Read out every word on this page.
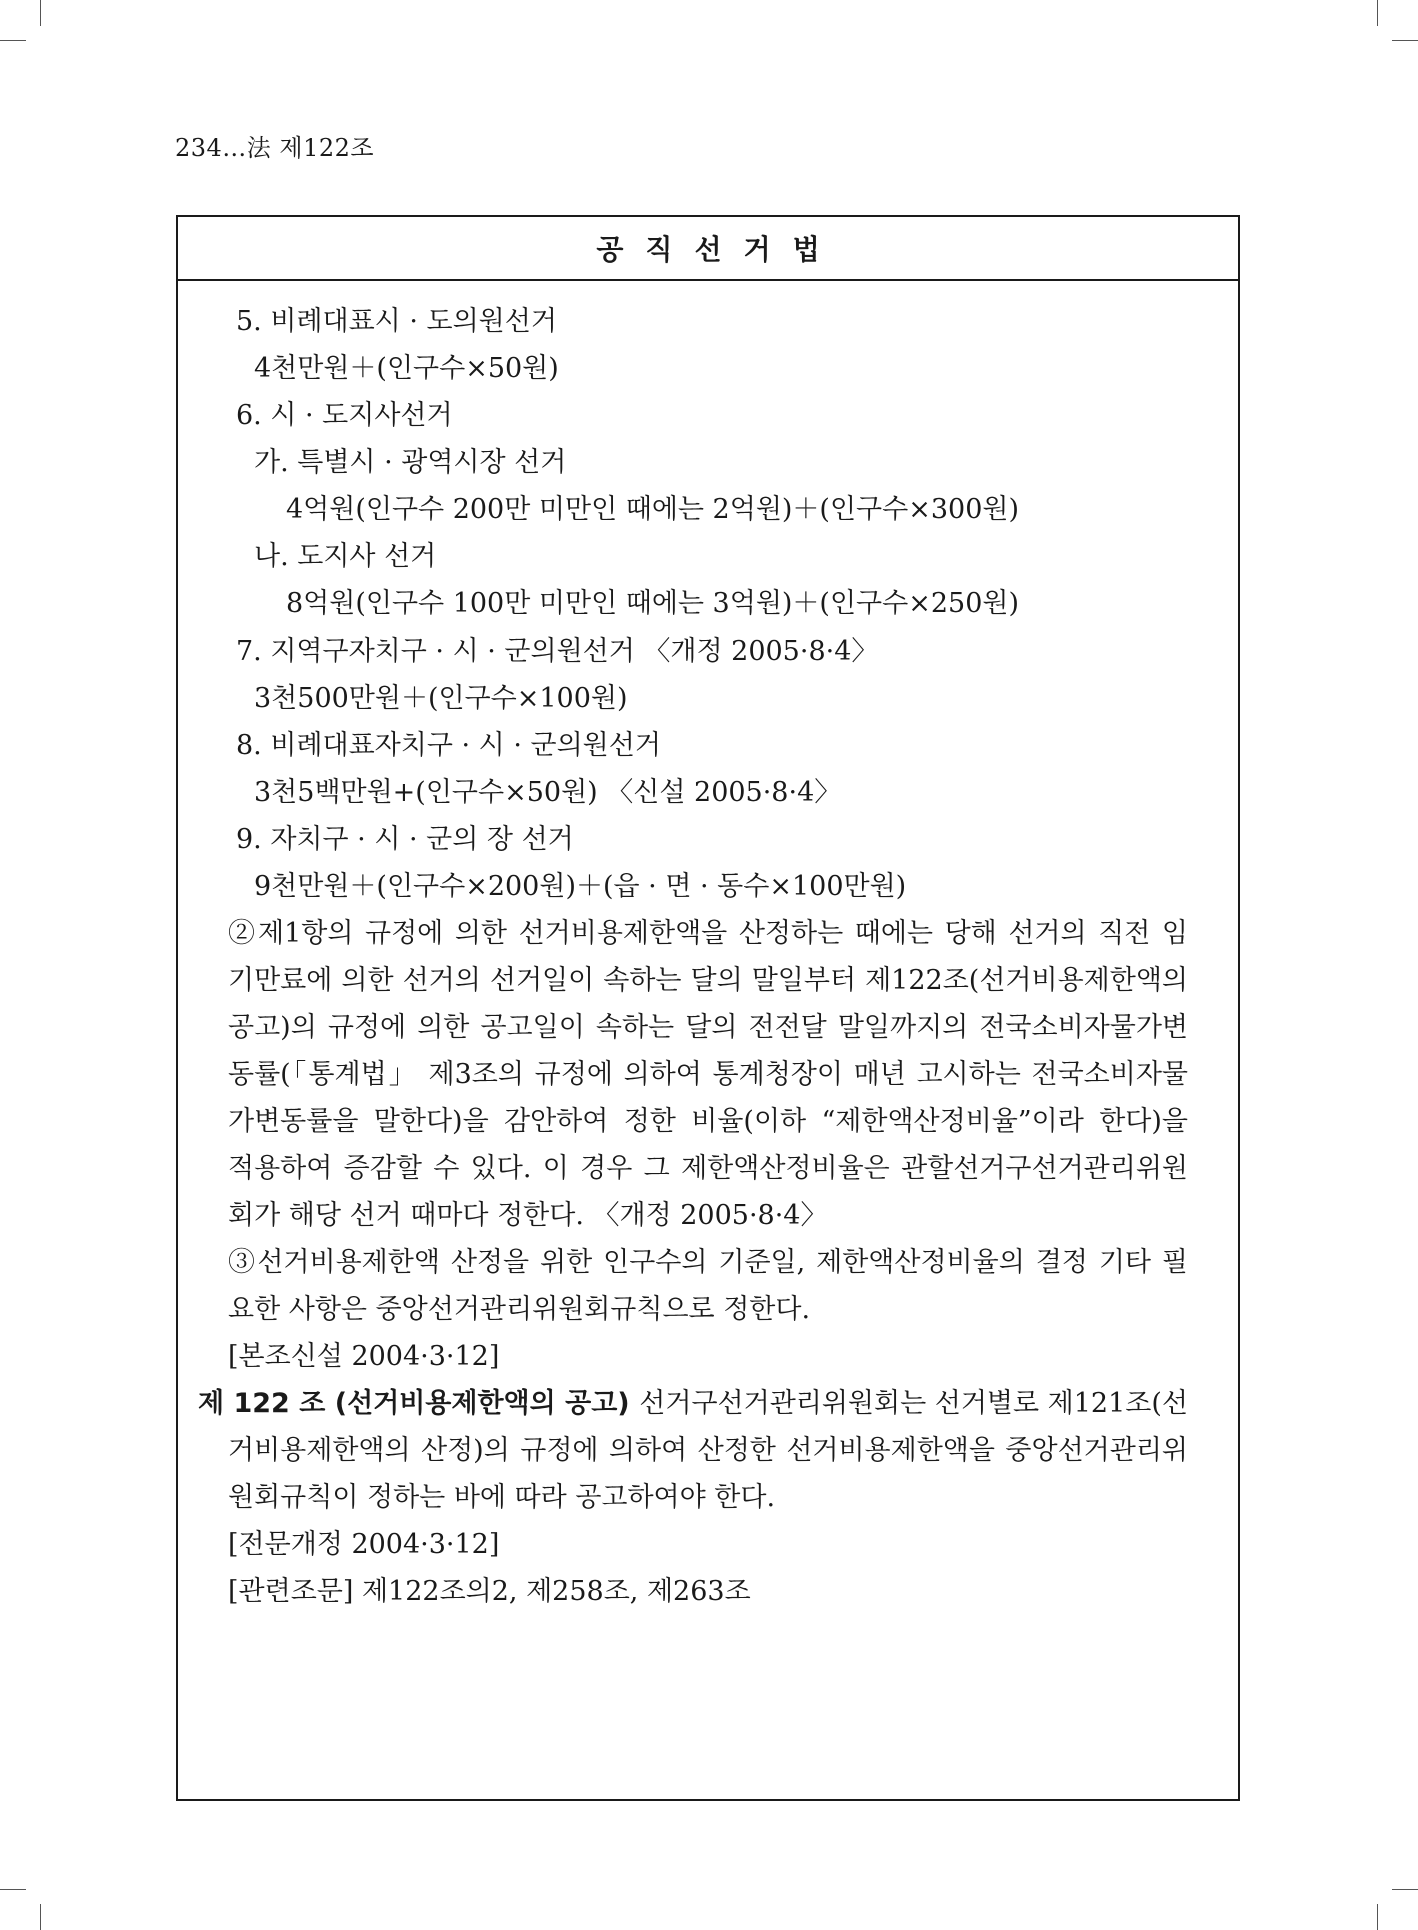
234…法 제122조
공직선거법
5. 비례대표시 · 도의원선거
4천만원＋(인구수×50원)
6. 시 · 도지사선거
가. 특별시 · 광역시장 선거
4억원(인구수 200만 미만인 때에는 2억원)＋(인구수×300원)
나. 도지사 선거
8억원(인구수 100만 미만인 때에는 3억원)＋(인구수×250원)
7. 지역구자치구 · 시 · 군의원선거 〈개정 2005·8·4〉
3천500만원＋(인구수×100원)
8. 비례대표자치구 · 시 · 군의원선거
3천5백만원+(인구수×50원) 〈신설 2005·8·4〉
9. 자치구 · 시 · 군의 장 선거
9천만원＋(인구수×200원)＋(읍 · 면 · 동수×100만원)
②제1항의 규정에 의한 선거비용제한액을 산정하는 때에는 당해 선거의 직전 임
기만료에 의한 선거의 선거일이 속하는 달의 말일부터 제122조(선거비용제한액의
공고)의 규정에 의한 공고일이 속하는 달의 전전달 말일까지의 전국소비자물가변
동률(「통계법」 제3조의 규정에 의하여 통계청장이 매년 고시하는 전국소비자물
가변동률을 말한다)을 감안하여 정한 비율(이하 “제한액산정비율”이라 한다)을
적용하여 증감할 수 있다. 이 경우 그 제한액산정비율은 관할선거구선거관리위원
회가 해당 선거 때마다 정한다. 〈개정 2005·8·4〉
③선거비용제한액 산정을 위한 인구수의 기준일, 제한액산정비율의 결정 기타 필
요한 사항은 중앙선거관리위원회규칙으로 정한다.
[본조신설 2004·3·12]
제 122 조 (선거비용제한액의 공고) 선거구선거관리위원회는 선거별로 제121조(선
거비용제한액의 산정)의 규정에 의하여 산정한 선거비용제한액을 중앙선거관리위
원회규칙이 정하는 바에 따라 공고하여야 한다.
[전문개정 2004·3·12]
[관련조문] 제122조의2, 제258조, 제263조
